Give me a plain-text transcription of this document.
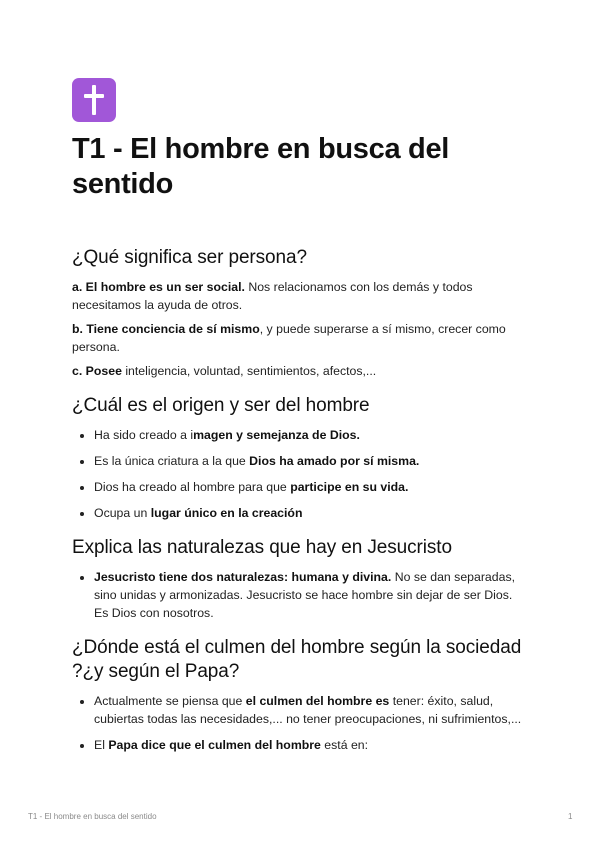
T1 - El hombre en busca del sentido
¿Qué significa ser persona?

a. El hombre es un ser social. Nos relacionamos con los demás y todos necesitamos la ayuda de otros.

b. Tiene conciencia de sí mismo, y puede superarse a sí mismo, crecer como persona.

c. Posee inteligencia, voluntad, sentimientos, afectos,...

¿Cuál es el origen y ser del hombre
• Ha sido creado a imagen y semejanza de Dios.
• Es la única criatura a la que Dios ha amado por sí misma.
• Dios ha creado al hombre para que participe en su vida.
• Ocupa un lugar único en la creación
Explica las naturalezas que hay en Jesucristo
• Jesucristo tiene dos naturalezas: humana y divina. No se dan separadas, sino unidas y armonizadas. Jesucristo se hace hombre sin dejar de ser Dios. Es Dios con nosotros.
¿Dónde está el culmen del hombre según la sociedad ?¿y según el Papa?
• Actualmente se piensa que el culmen del hombre es tener: éxito, salud, cubiertas todas las necesidades,... no tener preocupaciones, ni sufrimientos,...
• El Papa dice que el culmen del hombre está en:
T1 - El hombre en busca del sentido	1
